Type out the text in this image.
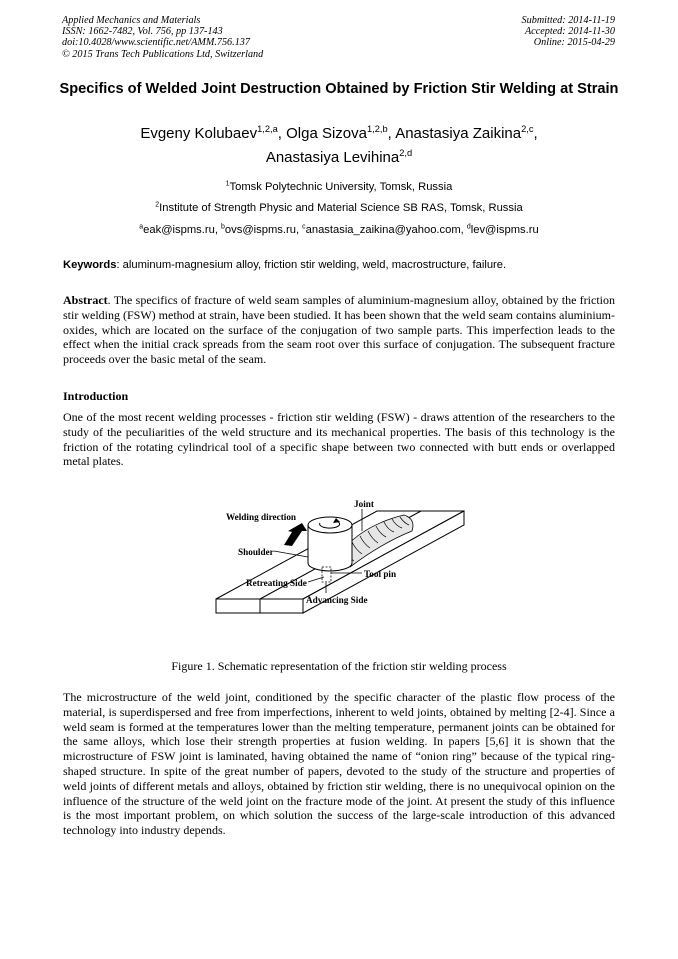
Applied Mechanics and Materials
ISSN: 1662-7482, Vol. 756, pp 137-143
doi:10.4028/www.scientific.net/AMM.756.137
© 2015 Trans Tech Publications Ltd, Switzerland
Submitted: 2014-11-19
Accepted: 2014-11-30
Online: 2015-04-29
Specifics of Welded Joint Destruction Obtained by Friction Stir Welding at Strain
Evgeny Kolubaev$^{1,2,a}$, Olga Sizova$^{1,2,b}$, Anastasiya Zaikina$^{2,c}$,
Anastasiya Levihina$^{2,d}$
$^1$Tomsk Polytechnic University, Tomsk, Russia
$^2$Institute of Strength Physic and Material Science SB RAS, Tomsk, Russia
$^a$eak@ispms.ru, $^b$ovs@ispms.ru, $^c$anastasia_zaikina@yahoo.com, $^d$lev@ispms.ru
Keywords: aluminum-magnesium alloy, friction stir welding, weld, macrostructure, failure.
Abstract. The specifics of fracture of weld seam samples of aluminium-magnesium alloy, obtained by the friction stir welding (FSW) method at strain, have been studied. It has been shown that the weld seam contains aluminium-oxides, which are located on the surface of the conjugation of two sample parts. This imperfection leads to the effect when the initial crack spreads from the seam root over this surface of conjugation. The subsequent fracture proceeds over the basic metal of the seam.
Introduction
One of the most recent welding processes - friction stir welding (FSW) - draws attention of the researchers to the study of the peculiarities of the weld structure and its mechanical properties. The basis of this technology is the friction of the rotating cylindrical tool of a specific shape between two connected with butt ends or overlapped metal plates.
Welding direction
Joint
Shoulder
Tool pin
Retreating Side
Advancing Side
Figure 1. Schematic representation of the friction stir welding process
The microstructure of the weld joint, conditioned by the specific character of the plastic flow process of the material, is superdispersed and free from imperfections, inherent to weld joints, obtained by melting [2-4]. Since a weld seam is formed at the temperatures lower than the melting temperature, permanent joints can be obtained for the same alloys, which lose their strength properties at fusion welding. In papers [5,6] it is shown that the microstructure of FSW joint is laminated, having obtained the name of “onion ring” because of the typical ring-shaped structure. In spite of the great number of papers, devoted to the study of the structure and properties of weld joints of different metals and alloys, obtained by friction stir welding, there is no unequivocal opinion on the influence of the structure of the weld joint on the fracture mode of the joint. At present the study of this influence is the most important problem, on which solution the success of the large-scale introduction of this advanced technology into industry depends.
